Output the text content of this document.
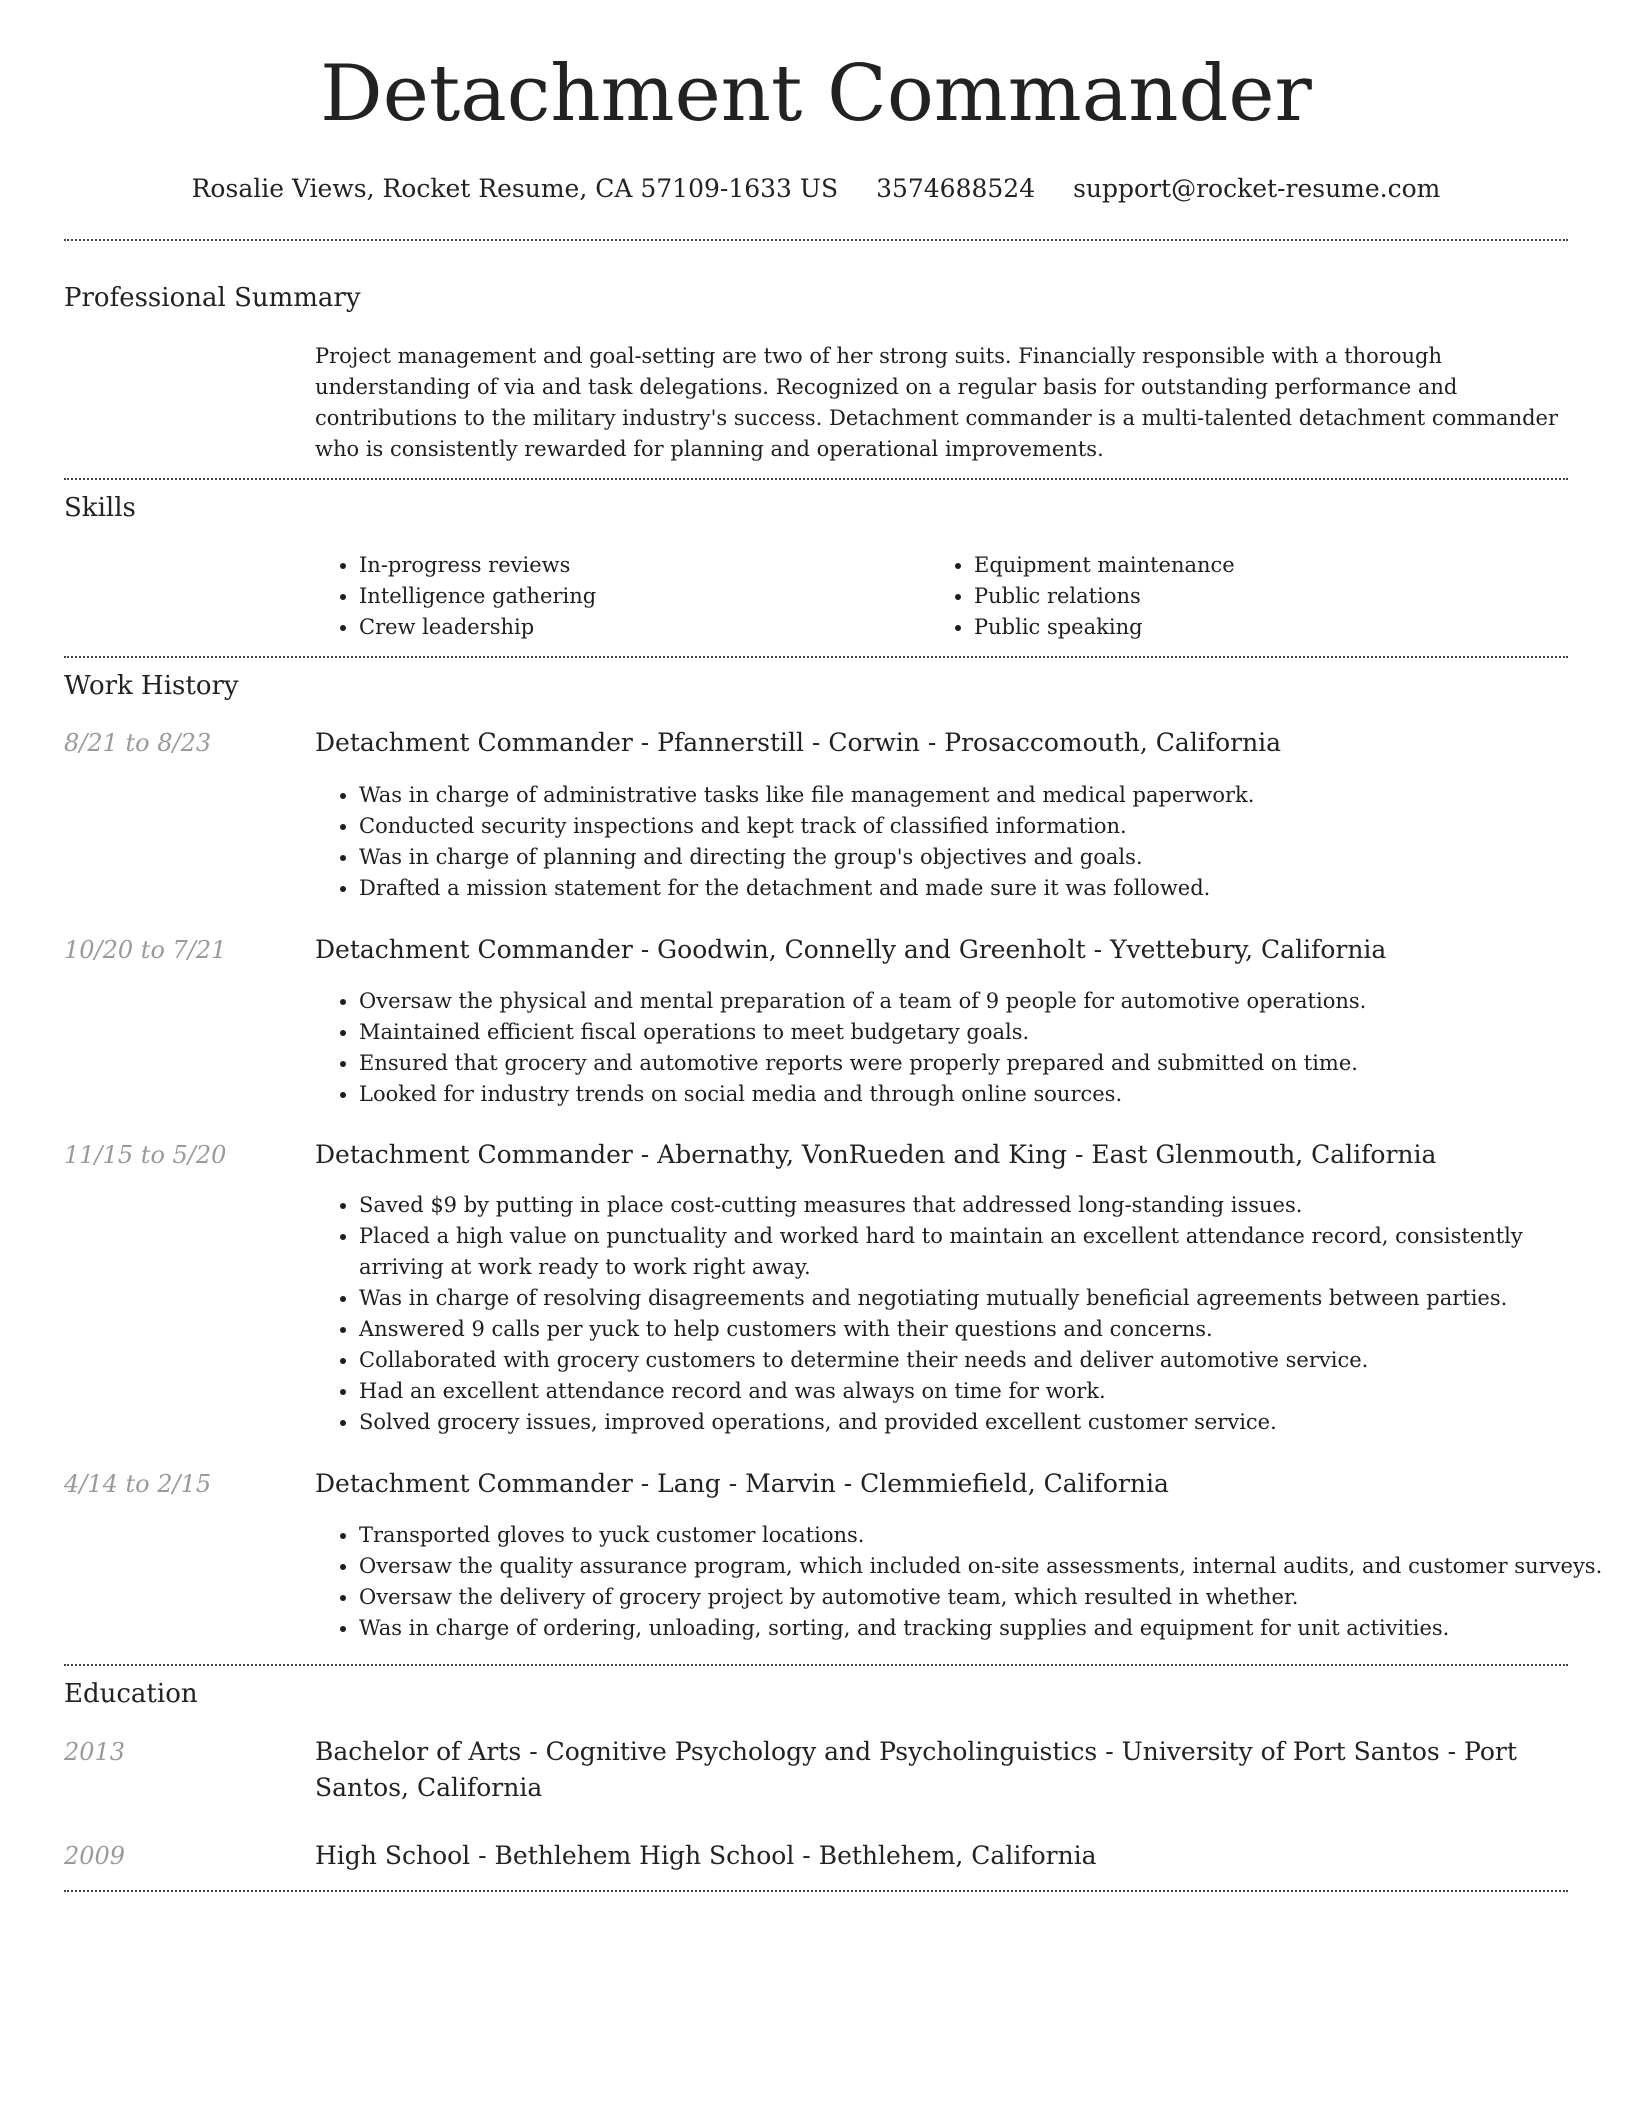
Detachment Commander
Rosalie Views, Rocket Resume, CA 57109-1633 US 3574688524 support@rocket-resume.com
Professional Summary

Project management and goal-setting are two of her strong suits. Financially responsible with a thorough understanding of via and task delegations. Recognized on a regular basis for outstanding performance and contributions to the military industry's success. Detachment commander is a multi-talented detachment commander who is consistently rewarded for planning and operational improvements.

Skills
• In-progress reviews
• Intelligence gathering
• Crew leadership
• Equipment maintenance
• Public relations
• Public speaking
Work History
8/21 to 8/23	Detachment Commander - Pfannerstill - Corwin - Prosaccomouth, California
• Was in charge of administrative tasks like file management and medical paperwork.
• Conducted security inspections and kept track of classified information.
• Was in charge of planning and directing the group's objectives and goals.
• Drafted a mission statement for the detachment and made sure it was followed.
10/20 to 7/21	Detachment Commander - Goodwin, Connelly and Greenholt - Yvettebury, California
• Oversaw the physical and mental preparation of a team of 9 people for automotive operations.
• Maintained efficient fiscal operations to meet budgetary goals.
• Ensured that grocery and automotive reports were properly prepared and submitted on time.
• Looked for industry trends on social media and through online sources.
11/15 to 5/20	Detachment Commander - Abernathy, VonRueden and King - East Glenmouth, California
• Saved $9 by putting in place cost-cutting measures that addressed long-standing issues.
• Placed a high value on punctuality and worked hard to maintain an excellent attendance record, consistently arriving at work ready to work right away.
• Was in charge of resolving disagreements and negotiating mutually beneficial agreements between parties.
• Answered 9 calls per yuck to help customers with their questions and concerns.
• Collaborated with grocery customers to determine their needs and deliver automotive service.
• Had an excellent attendance record and was always on time for work.
• Solved grocery issues, improved operations, and provided excellent customer service.
4/14 to 2/15	Detachment Commander - Lang - Marvin - Clemmiefield, California
• Transported gloves to yuck customer locations.
• Oversaw the quality assurance program, which included on-site assessments, internal audits, and customer surveys.
• Oversaw the delivery of grocery project by automotive team, which resulted in whether.
• Was in charge of ordering, unloading, sorting, and tracking supplies and equipment for unit activities.
Education
2013	Bachelor of Arts - Cognitive Psychology and Psycholinguistics - University of Port Santos - Port Santos, California
2009	High School - Bethlehem High School - Bethlehem, California
